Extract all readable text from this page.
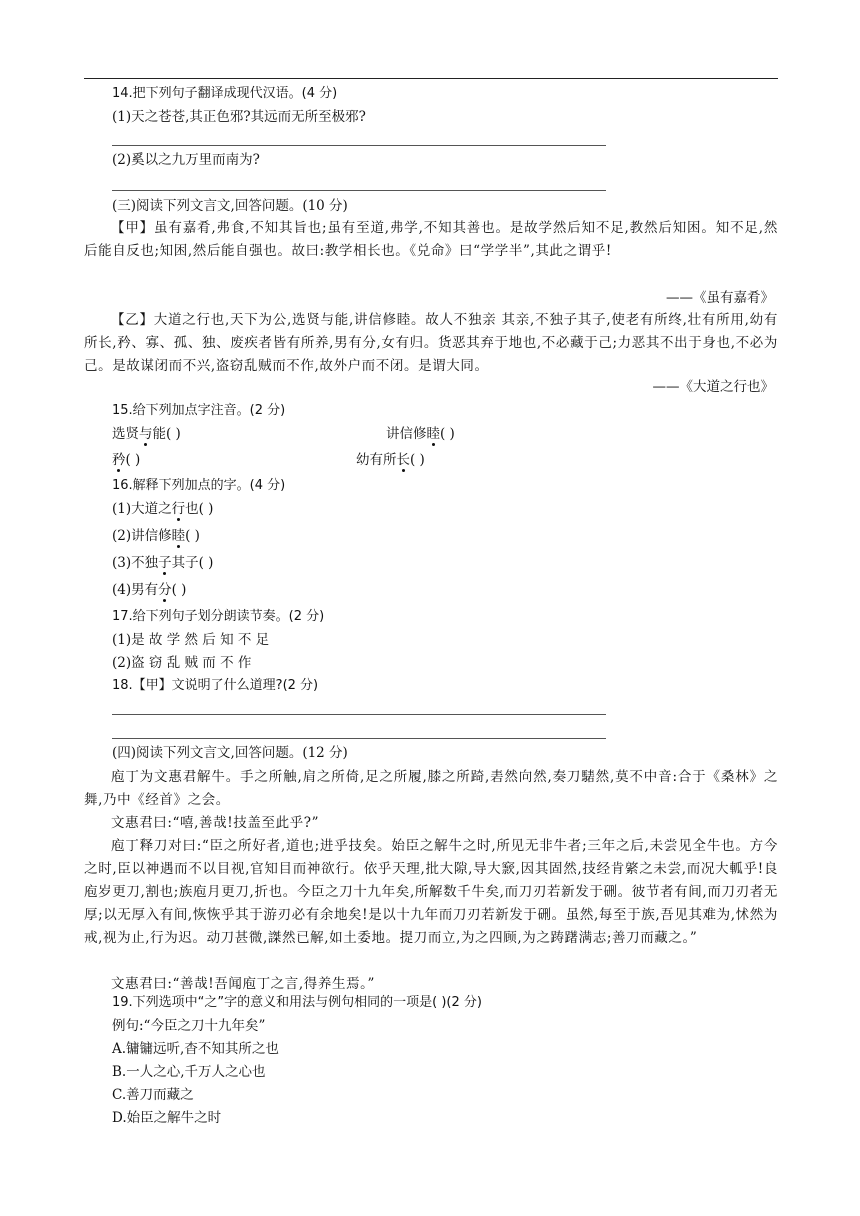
14.把下列句子翻译成现代汉语。(4 分)
(1)天之苍苍,其正色邪?其远而无所至极邪?
(2)奚以之九万里而南为?
(三)阅读下列文言文,回答问题。(10 分)
【甲】虽有嘉肴,弗食,不知其旨也;虽有至道,弗学,不知其善也。是故学然后知不足,教然后知困。知不足,然后能自反也;知困,然后能自强也。故曰:教学相长也。《兑命》曰“学学半”,其此之谓乎!
——《虽有嘉肴》
【乙】大道之行也,天下为公,选贤与能,讲信修睦。故人不独亲 其亲,不独子其子,使老有所终,壮有所用,幼有所长,矜、寡、孤、独、废疾者皆有所养,男有分,女有归。货恶其弃于地也,不必藏于己;力恶其不出于身也,不必为己。是故谋闭而不兴,盗窃乱贼而不作,故外户而不闭。是谓大同。
——《大道之行也》
15.给下列加点字注音。(2 分)
选贤与能( )	讲信修睦( )
矜( )	幼有所长( )
16.解释下列加点的字。(4 分)
(1)大道之行也( )
(2)讲信修睦( )
(3)不独子其子( )
(4)男有分( )
17.给下列句子划分朗读节奏。(2 分)
(1)是 故 学 然 后 知 不 足
(2)盗 窃 乱 贼 而 不 作
18.【甲】文说明了什么道理?(2 分)
(四)阅读下列文言文,回答问题。(12 分)
庖丁为文惠君解牛。手之所触,肩之所倚,足之所履,膝之所踦,砉然向然,奏刀騞然,莫不中音:合于《桑林》之舞,乃中《经首》之会。
文惠君曰:“嘻,善哉!技盖至此乎?”
庖丁释刀对曰:“臣之所好者,道也;进乎技矣。始臣之解牛之时,所见无非牛者;三年之后,未尝见全牛也。方今之时,臣以神遇而不以目视,官知目而神欲行。依乎天理,批大隙,导大窾,因其固然,技经肯綮之未尝,而况大軱乎!良庖岁更刀,割也;族庖月更刀,折也。今臣之刀十九年矣,所解数千牛矣,而刀刃若新发于硎。彼节者有间,而刀刃者无厚;以无厚入有间,恢恢乎其于游刃必有余地矣!是以十九年而刀刃若新发于硎。虽然,每至于族,吾见其难为,怵然为戒,视为止,行为迟。动刀甚微,謋然已解,如土委地。提刀而立,为之四顾,为之踌躇满志;善刀而藏之。”
文惠君曰:“善哉!吾闻庖丁之言,得养生焉。”
19.下列选项中“之”字的意义和用法与例句相同的一项是( )(2 分)
例句:“今臣之刀十九年矣”
A.镛镛远听,杳不知其所之也
B.一人之心,千万人之心也
C.善刀而藏之
D.始臣之解牛之时
